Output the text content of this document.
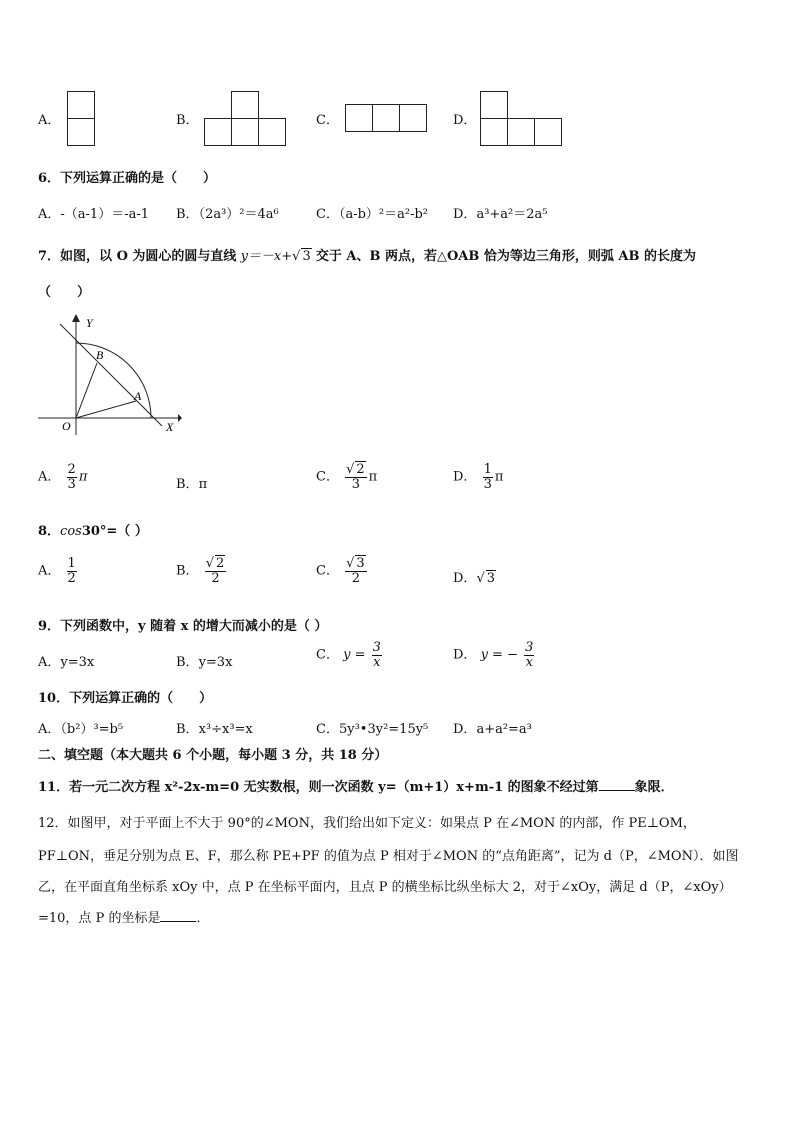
A．	B．	C．	D．
6．下列运算正确的是（　　）
A．-（a-1）＝-a-1 B．（2a³）²＝4a⁶	C．（a-b）²＝a²-b² D．a³+a²＝2a⁵
7．如图，以 O 为圆心的圆与直线 y＝－x+√ 3 交于 A、B 两点，若△OAB 恰为等边三角形，则弧 AB 的长度为
（　　）
Y
X
O
A
B
A． $\frac{2}{3}$ π	B．π	C． $\frac{√ 2}{3}$ π	D． $\frac{1}{3}$ π
8．cos30°=（ ）
A． $\frac{1}{2}$	B． $\frac{√ 2}{2}$	C． $\frac{√ 3}{2}$	D．√ 3
9．下列函数中，y 随着 x 的增大而减小的是（ ）
A．y=3x	B．y=3x	C． $y = \frac{3}{x}$	D． y = − $\frac{3}{x}$
10．下列运算正确的（　　）
A．（b²）³=b⁵	B．x³÷x³=x	C．5y³•3y²=15y⁵ D．a+a²=a³
二、填空题（本大题共 6 个小题，每小题 3 分，共 18 分）
11．若一元二次方程 x²-2x-m=0 无实数根，则一次函数 y=（m+1）x+m-1 的图象不经过第	象限．
12．如图甲，对于平面上不大于 90°的∠MON，我们给出如下定义：如果点 P 在∠MON 的内部，作 PE⊥OM，
PF⊥ON，垂足分别为点 E、F，那么称 PE+PF 的值为点 P 相对于∠MON 的“点角距离”，记为 d（P，∠MON）．如图
乙，在平面直角坐标系 xOy 中，点 P 在坐标平面内，且点 P 的横坐标比纵坐标大 2，对于∠xOy，满足 d（P，∠xOy）
=10，点 P 的坐标是	．
